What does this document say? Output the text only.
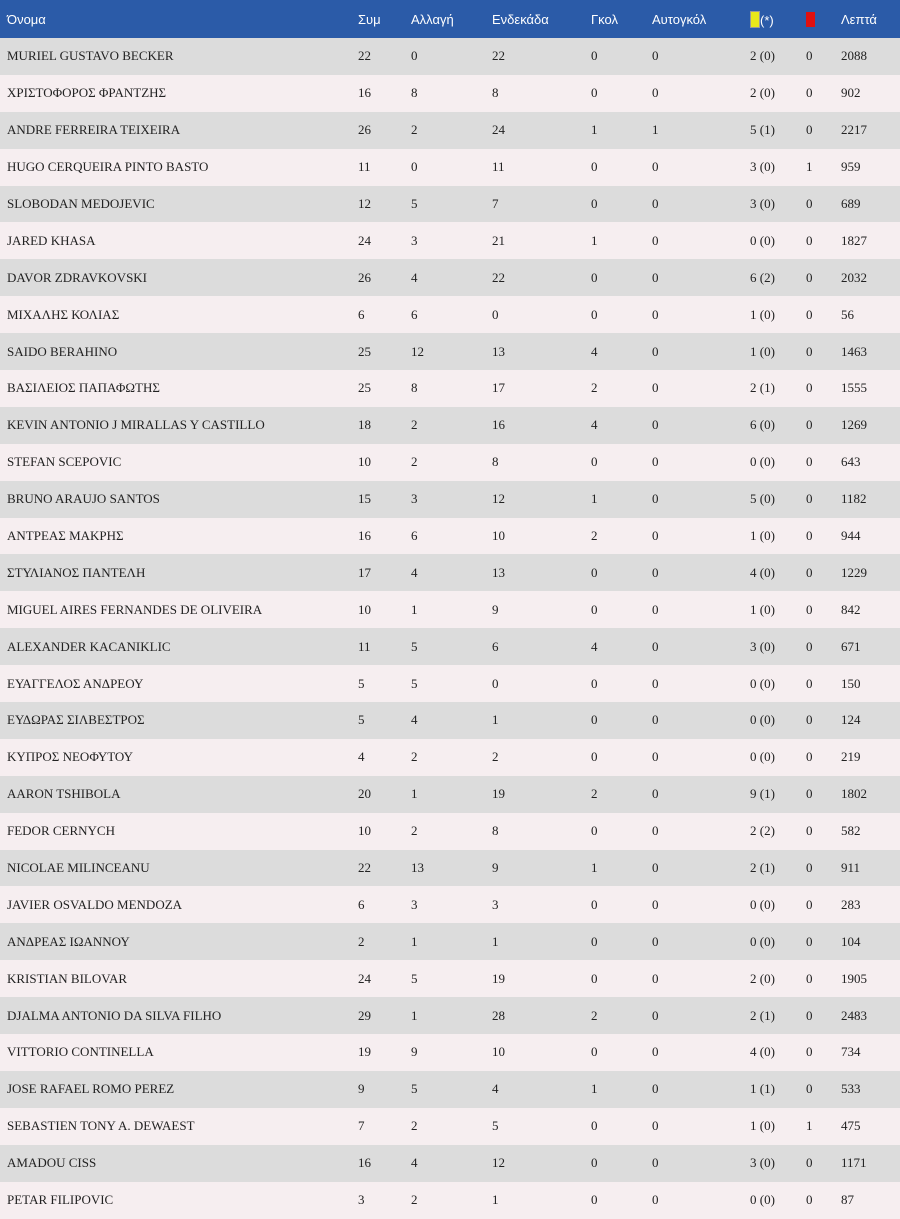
Όνομα	Συμ	Αλλαγή	Ενδεκάδα	Γκολ	Αυτογκόλ	(*)		Λεπτά
MURIEL GUSTAVO BECKER	22	0	22	0	0	2 (0)	0	2088
ΧΡΙΣΤΟΦΟΡΟΣ ΦΡΑΝΤΖΗΣ	16	8	8	0	0	2 (0)	0	902
ANDRE FERREIRA TEIXEIRA	26	2	24	1	1	5 (1)	0	2217
HUGO CERQUEIRA PINTO BASTO	11	0	11	0	0	3 (0)	1	959
SLOBODAN MEDOJEVIC	12	5	7	0	0	3 (0)	0	689
JARED KHASA	24	3	21	1	0	0 (0)	0	1827
DAVOR ZDRAVKOVSKI	26	4	22	0	0	6 (2)	0	2032
ΜΙΧΑΛΗΣ ΚΟΛΙΑΣ	6	6	0	0	0	1 (0)	0	56
SAIDO BERAHINO	25	12	13	4	0	1 (0)	0	1463
ΒΑΣΙΛΕΙΟΣ ΠΑΠΑΦΩΤΗΣ	25	8	17	2	0	2 (1)	0	1555
KEVIN ANTONIO J MIRALLAS Y CASTILLO	18	2	16	4	0	6 (0)	0	1269
STEFAN SCEPOVIC	10	2	8	0	0	0 (0)	0	643
BRUNO ARAUJO SANTOS	15	3	12	1	0	5 (0)	0	1182
ΑΝΤΡΕΑΣ ΜΑΚΡΗΣ	16	6	10	2	0	1 (0)	0	944
ΣΤΥΛΙΑΝΟΣ ΠΑΝΤΕΛΗ	17	4	13	0	0	4 (0)	0	1229
MIGUEL AIRES FERNANDES DE OLIVEIRA	10	1	9	0	0	1 (0)	0	842
ALEXANDER KACANIKLIC	11	5	6	4	0	3 (0)	0	671
ΕΥΑΓΓΕΛΟΣ ΑΝΔΡΕΟΥ	5	5	0	0	0	0 (0)	0	150
ΕΥΔΩΡΑΣ ΣΙΛΒΕΣΤΡΟΣ	5	4	1	0	0	0 (0)	0	124
ΚΥΠΡΟΣ ΝΕΟΦΥΤΟΥ	4	2	2	0	0	0 (0)	0	219
AARON TSHIBOLA	20	1	19	2	0	9 (1)	0	1802
FEDOR CERNYCH	10	2	8	0	0	2 (2)	0	582
NICOLAE MILINCEANU	22	13	9	1	0	2 (1)	0	911
JAVIER OSVALDO MENDOZA	6	3	3	0	0	0 (0)	0	283
ΑΝΔΡΕΑΣ ΙΩΑΝΝΟΥ	2	1	1	0	0	0 (0)	0	104
KRISTIAN BILOVAR	24	5	19	0	0	2 (0)	0	1905
DJALMA ANTONIO DA SILVA FILHO	29	1	28	2	0	2 (1)	0	2483
VITTORIO CONTINELLA	19	9	10	0	0	4 (0)	0	734
JOSE RAFAEL ROMO PEREZ	9	5	4	1	0	1 (1)	0	533
SEBASTIEN TONY A. DEWAEST	7	2	5	0	0	1 (0)	1	475
AMADOU CISS	16	4	12	0	0	3 (0)	0	1171
PETAR FILIPOVIC	3	2	1	0	0	0 (0)	0	87
